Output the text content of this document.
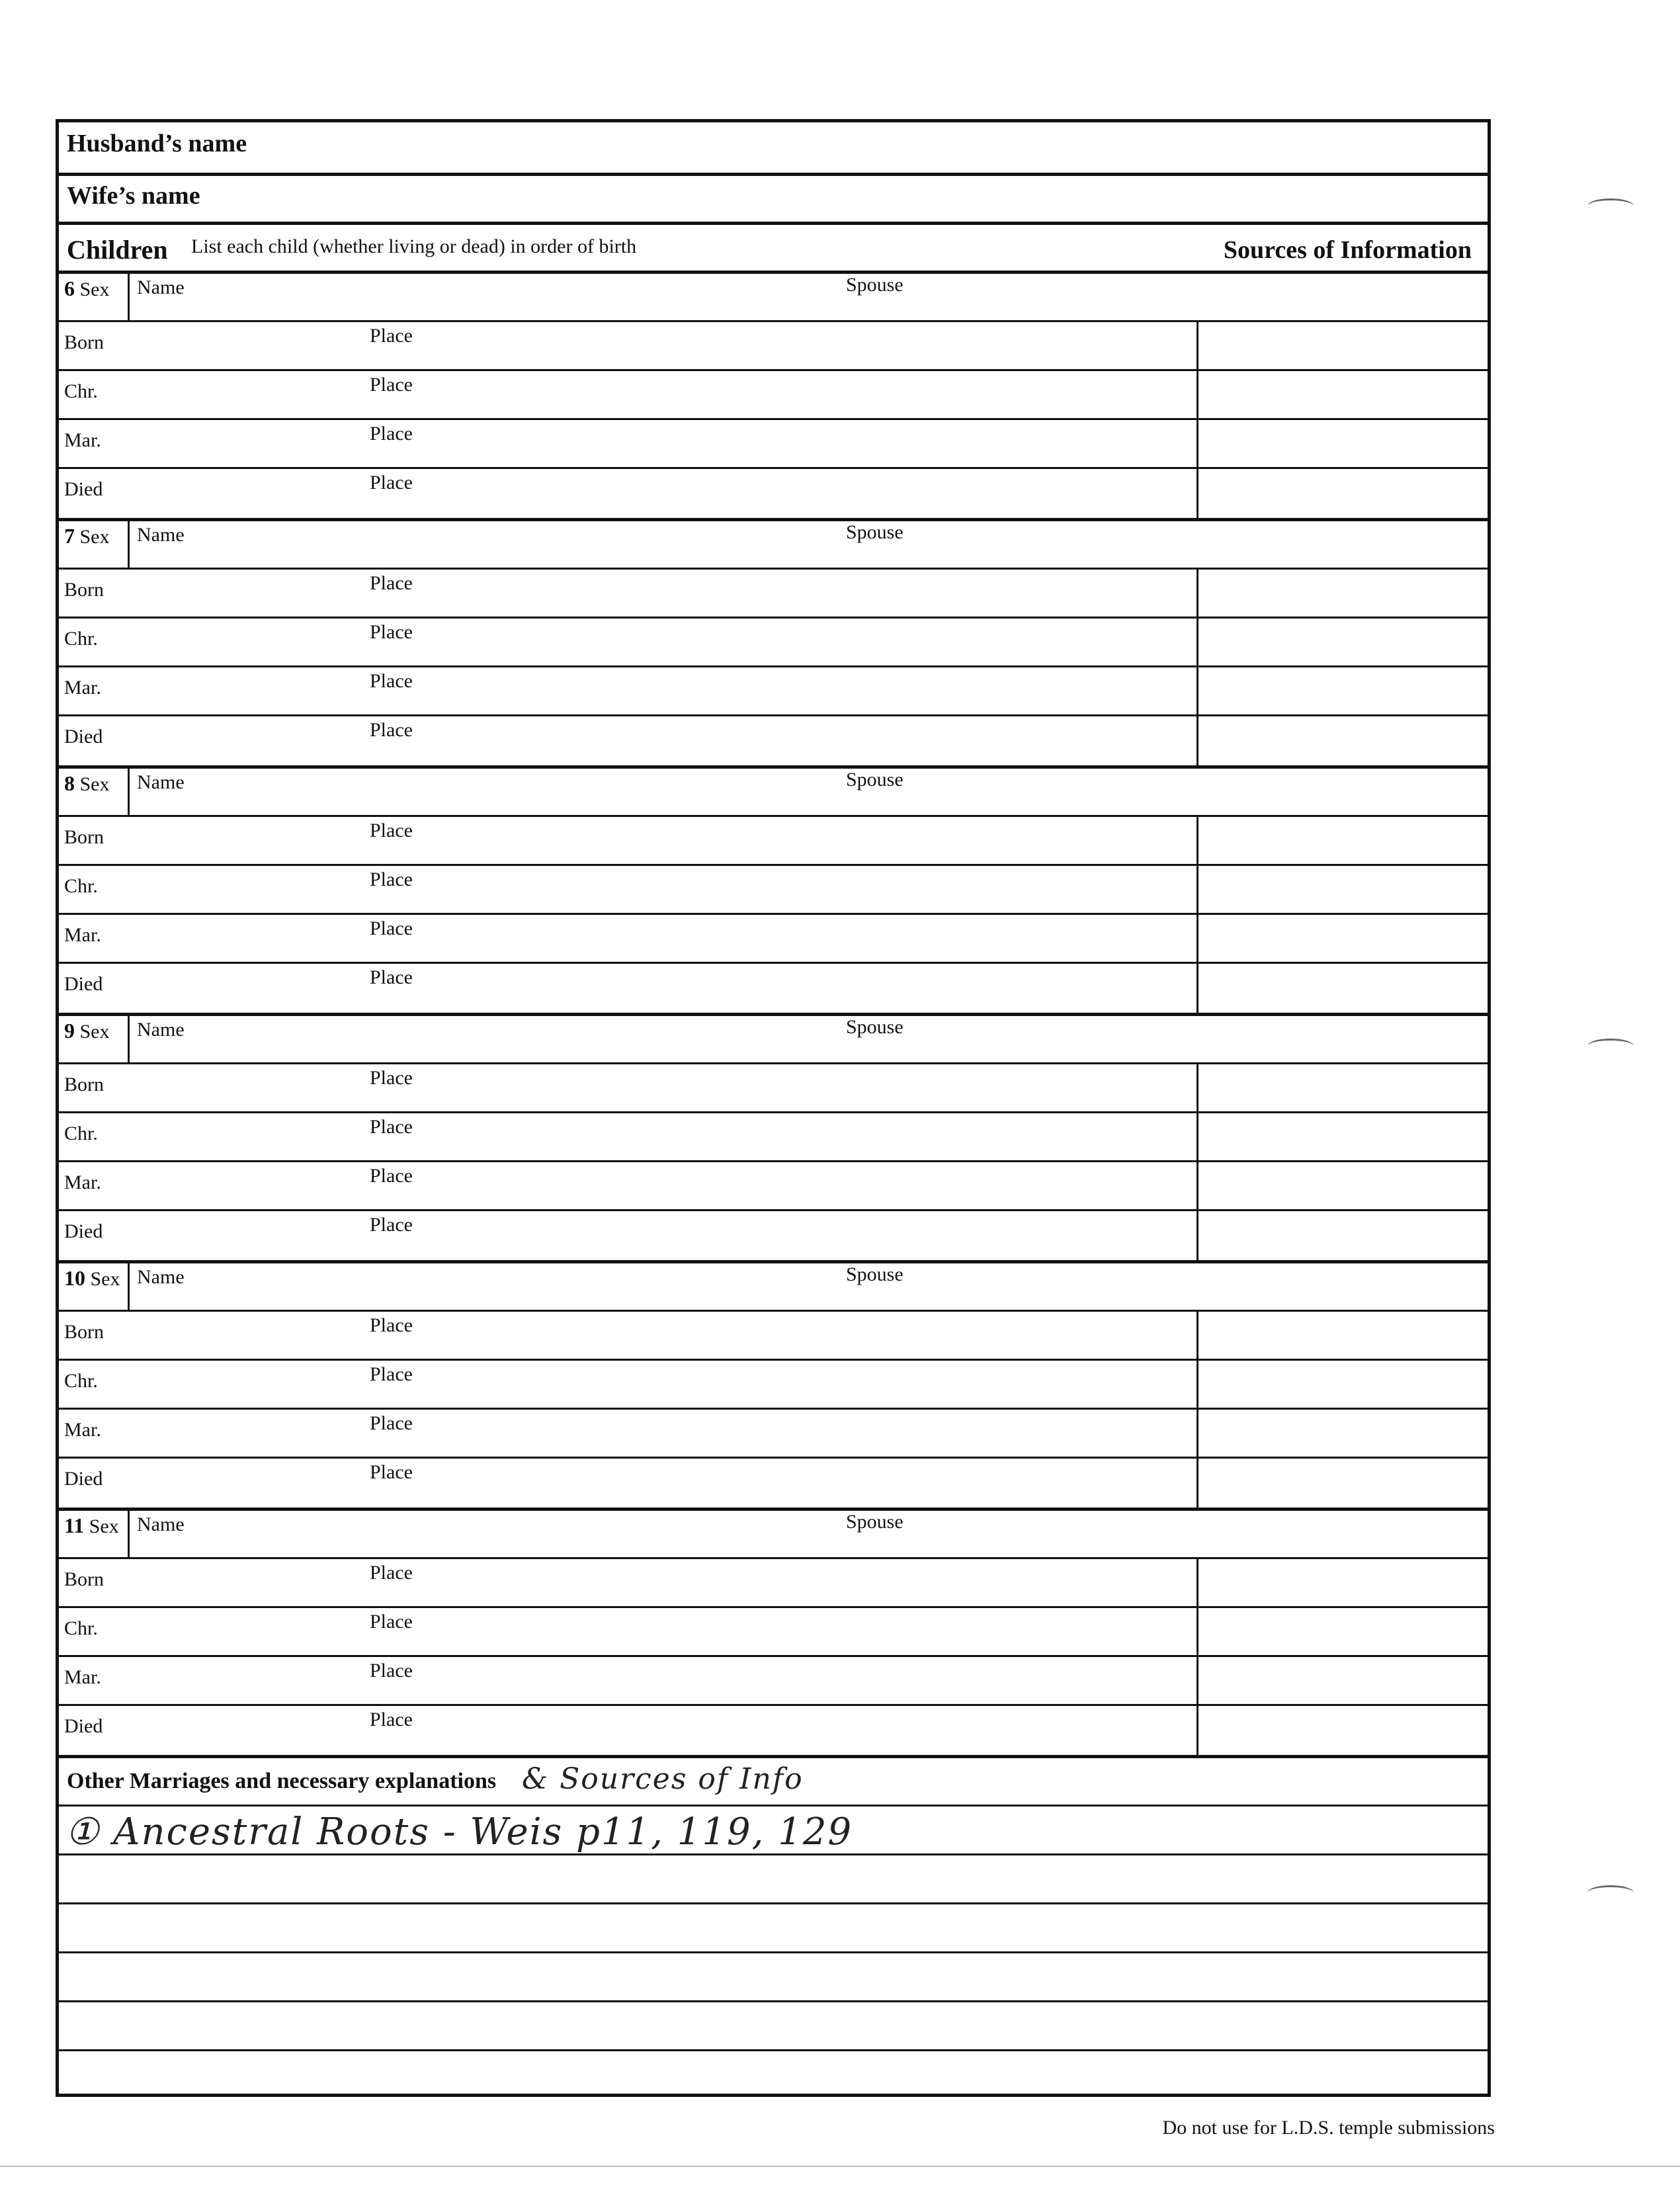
Husband’s name
Wife’s name
Children List each child (whether living or dead) in order of birth	Sources of Information
6 Sex Name	Spouse
Born	Place
Chr.	Place
Mar.	Place
Died	Place
7 Sex Name	Spouse
Born	Place
Chr.	Place
Mar.	Place
Died	Place
8 Sex Name	Spouse
Born	Place
Chr.	Place
Mar.	Place
Died	Place
9 Sex Name	Spouse
Born	Place
Chr.	Place
Mar.	Place
Died	Place
10 Sex Name	Spouse
Born	Place
Chr.	Place
Mar.	Place
Died	Place
11 Sex Name	Spouse
Born	Place
Chr.	Place
Mar.	Place
Died	Place
Other Marriages and necessary explanations & Sources of Info
① Ancestral Roots - Weis p11, 119, 129
Do not use for L.D.S. temple submissions
